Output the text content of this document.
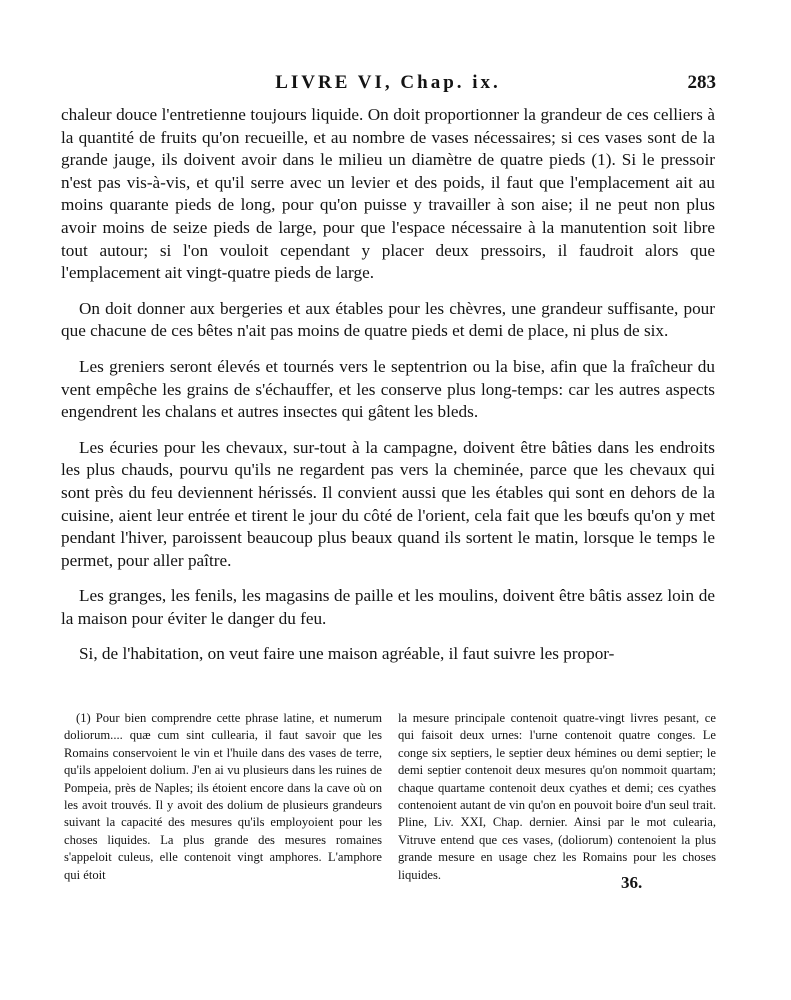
LIVRE VI, Chap. ix.	283

chaleur douce l'entretienne toujours liquide. On doit proportionner la grandeur de ces celliers à la quantité de fruits qu'on recueille, et au nombre de vases nécessaires; si ces vases sont de la grande jauge, ils doivent avoir dans le milieu un diamètre de quatre pieds (1). Si le pressoir n'est pas vis-à-vis, et qu'il serre avec un levier et des poids, il faut que l'emplacement ait au moins quarante pieds de long, pour qu'on puisse y travailler à son aise; il ne peut non plus avoir moins de seize pieds de large, pour que l'espace nécessaire à la manutention soit libre tout autour; si l'on vouloit cependant y placer deux pressoirs, il faudroit alors que l'emplacement ait vingt-quatre pieds de large.

On doit donner aux bergeries et aux étables pour les chèvres, une grandeur suffisante, pour que chacune de ces bêtes n'ait pas moins de quatre pieds et demi de place, ni plus de six.

Les greniers seront élevés et tournés vers le septentrion ou la bise, afin que la fraîcheur du vent empêche les grains de s'échauffer, et les conserve plus long-temps: car les autres aspects engendrent les chalans et autres insectes qui gâtent les bleds.

Les écuries pour les chevaux, sur-tout à la campagne, doivent être bâties dans les endroits les plus chauds, pourvu qu'ils ne regardent pas vers la cheminée, parce que les chevaux qui sont près du feu deviennent hérissés. Il convient aussi que les étables qui sont en dehors de la cuisine, aient leur entrée et tirent le jour du côté de l'orient, cela fait que les bœufs qu'on y met pendant l'hiver, paroissent beaucoup plus beaux quand ils sortent le matin, lorsque le temps le permet, pour aller paître.

Les granges, les fenils, les magasins de paille et les moulins, doivent être bâtis assez loin de la maison pour éviter le danger du feu.

Si, de l'habitation, on veut faire une maison agréable, il faut suivre les propor-

(1) Pour bien comprendre cette phrase latine, et numerum doliorum.... quæ cum sint cullearia, il faut savoir que les Romains conservoient le vin et l'huile dans des vases de terre, qu'ils appeloient dolium. J'en ai vu plusieurs dans les ruines de Pompeia, près de Naples; ils étoient encore dans la cave où on les avoit trouvés. Il y avoit des dolium de plusieurs grandeurs suivant la capacité des mesures qu'ils employoient pour les choses liquides. La plus grande des mesures romaines s'appeloit culeus, elle contenoit vingt amphores. L'amphore qui étoit

la mesure principale contenoit quatre-vingt livres pesant, ce qui faisoit deux urnes: l'urne contenoit quatre conges. Le conge six septiers, le septier deux hémines ou demi septier; le demi septier contenoit deux mesures qu'on nommoit quartam; chaque quartame contenoit deux cyathes et demi; ces cyathes contenoient autant de vin qu'on en pouvoit boire d'un seul trait. Pline, Liv. XXI, Chap. dernier. Ainsi par le mot culearia, Vitruve entend que ces vases, (doliorum) contenoient la plus grande mesure en usage chez les Romains pour les choses liquides.	36.
